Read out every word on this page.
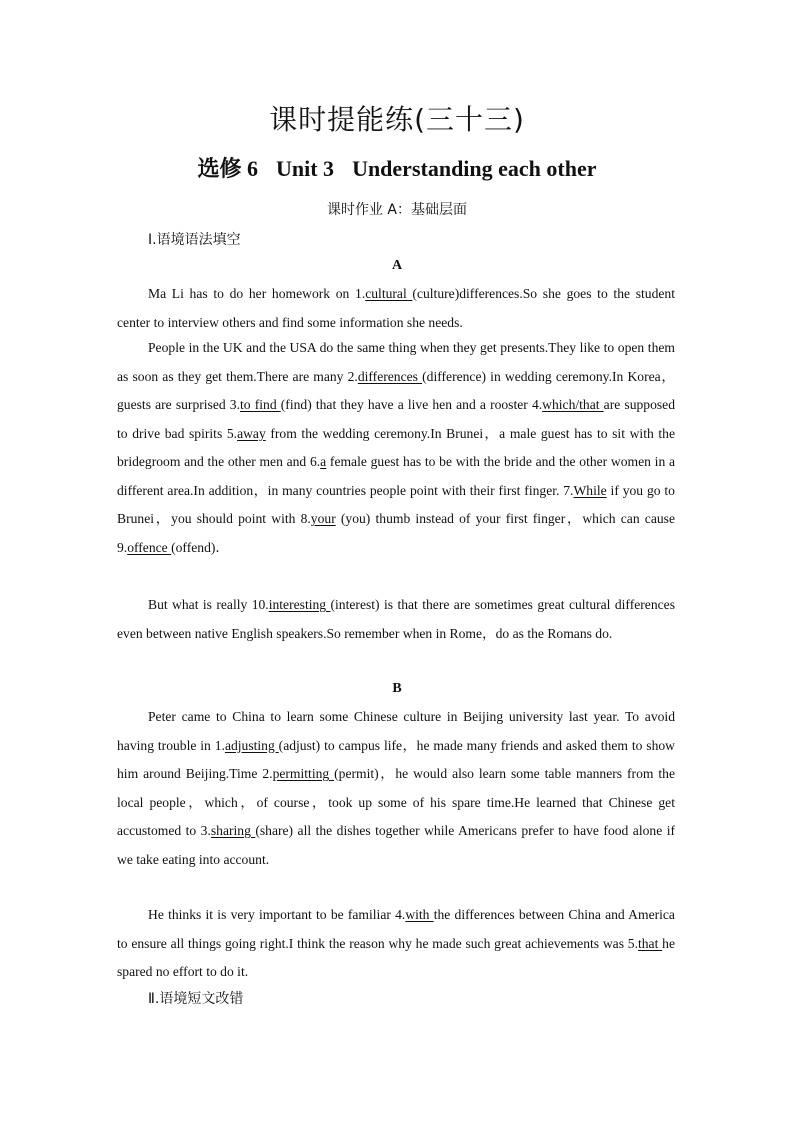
课时提能练(三十三)
选修 6 Unit 3 Understanding each other
课时作业 A：基础层面
Ⅰ.语境语法填空
A
Ma Li has to do her homework on 1.cultural (culture)differences.So she goes to the student center to interview others and find some information she needs.
People in the UK and the USA do the same thing when they get presents.They like to open them as soon as they get them.There are many 2.differences (difference) in wedding ceremony.In Korea，guests are surprised 3.to find (find) that they have a live hen and a rooster 4.which/that are supposed to drive bad spirits 5.away from the wedding ceremony.In Brunei，a male guest has to sit with the bridegroom and the other men and 6.a female guest has to be with the bride and the other women in a different area.In addition，in many countries people point with their first finger. 7.While if you go to Brunei，you should point with 8.your (you) thumb instead of your first finger，which can cause 9.offence (offend)．
But what is really 10.interesting (interest) is that there are sometimes great cultural differences even between native English speakers.So remember when in Rome，do as the Romans do.
B
Peter came to China to learn some Chinese culture in Beijing university last year. To avoid having trouble in 1.adjusting (adjust) to campus life，he made many friends and asked them to show him around Beijing.Time 2.permitting (permit)，he would also learn some table manners from the local people，which，of course，took up some of his spare time.He learned that Chinese get accustomed to 3.sharing (share) all the dishes together while Americans prefer to have food alone if we take eating into account.
He thinks it is very important to be familiar 4.with the differences between China and America to ensure all things going right.I think the reason why he made such great achievements was 5.that he spared no effort to do it.
Ⅱ.语境短文改错
